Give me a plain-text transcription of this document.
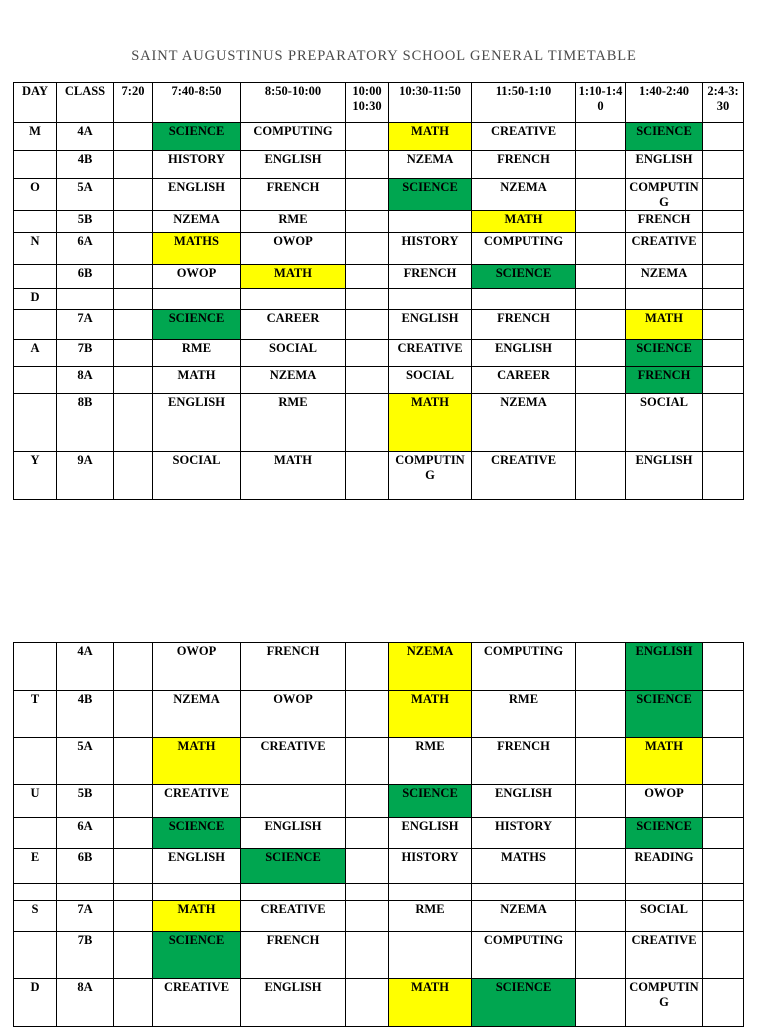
SAINT AUGUSTINUS PREPARATORY SCHOOL GENERAL TIMETABLE
DAY	CLASS	7:20	7:40-8:50	8:50-10:00	10:00 10:30	10:30-11:50	11:50-1:10	1:10-1:40	1:40-2:40	2:4-3:30
M	4A		SCIENCE	COMPUTING		MATH	CREATIVE		SCIENCE	
	4B		HISTORY	ENGLISH		NZEMA	FRENCH		ENGLISH	
O	5A		ENGLISH	FRENCH		SCIENCE	NZEMA		COMPUTING	
	5B		NZEMA	RME			MATH		FRENCH	
N	6A		MATHS	OWOP		HISTORY	COMPUTING		CREATIVE	
	6B		OWOP	MATH		FRENCH	SCIENCE		NZEMA	
D										
	7A		SCIENCE	CAREER		ENGLISH	FRENCH		MATH	
A	7B		RME	SOCIAL		CREATIVE	ENGLISH		SCIENCE	
	8A		MATH	NZEMA		SOCIAL	CAREER		FRENCH	
	8B		ENGLISH	RME		MATH	NZEMA		SOCIAL	
Y	9A		SOCIAL	MATH		COMPUTING	CREATIVE		ENGLISH	
	4A		OWOP	FRENCH		NZEMA	COMPUTING		ENGLISH	
T	4B		NZEMA	OWOP		MATH	RME		SCIENCE	
	5A		MATH	CREATIVE		RME	FRENCH		MATH	
U	5B		CREATIVE			SCIENCE	ENGLISH		OWOP	
	6A		SCIENCE	ENGLISH		ENGLISH	HISTORY		SCIENCE	
E	6B		ENGLISH	SCIENCE		HISTORY	MATHS		READING	

S	7A		MATH	CREATIVE		RME	NZEMA		SOCIAL	
	7B		SCIENCE	FRENCH			COMPUTING		CREATIVE	
D	8A		CREATIVE	ENGLISH		MATH	SCIENCE		COMPUTING	
